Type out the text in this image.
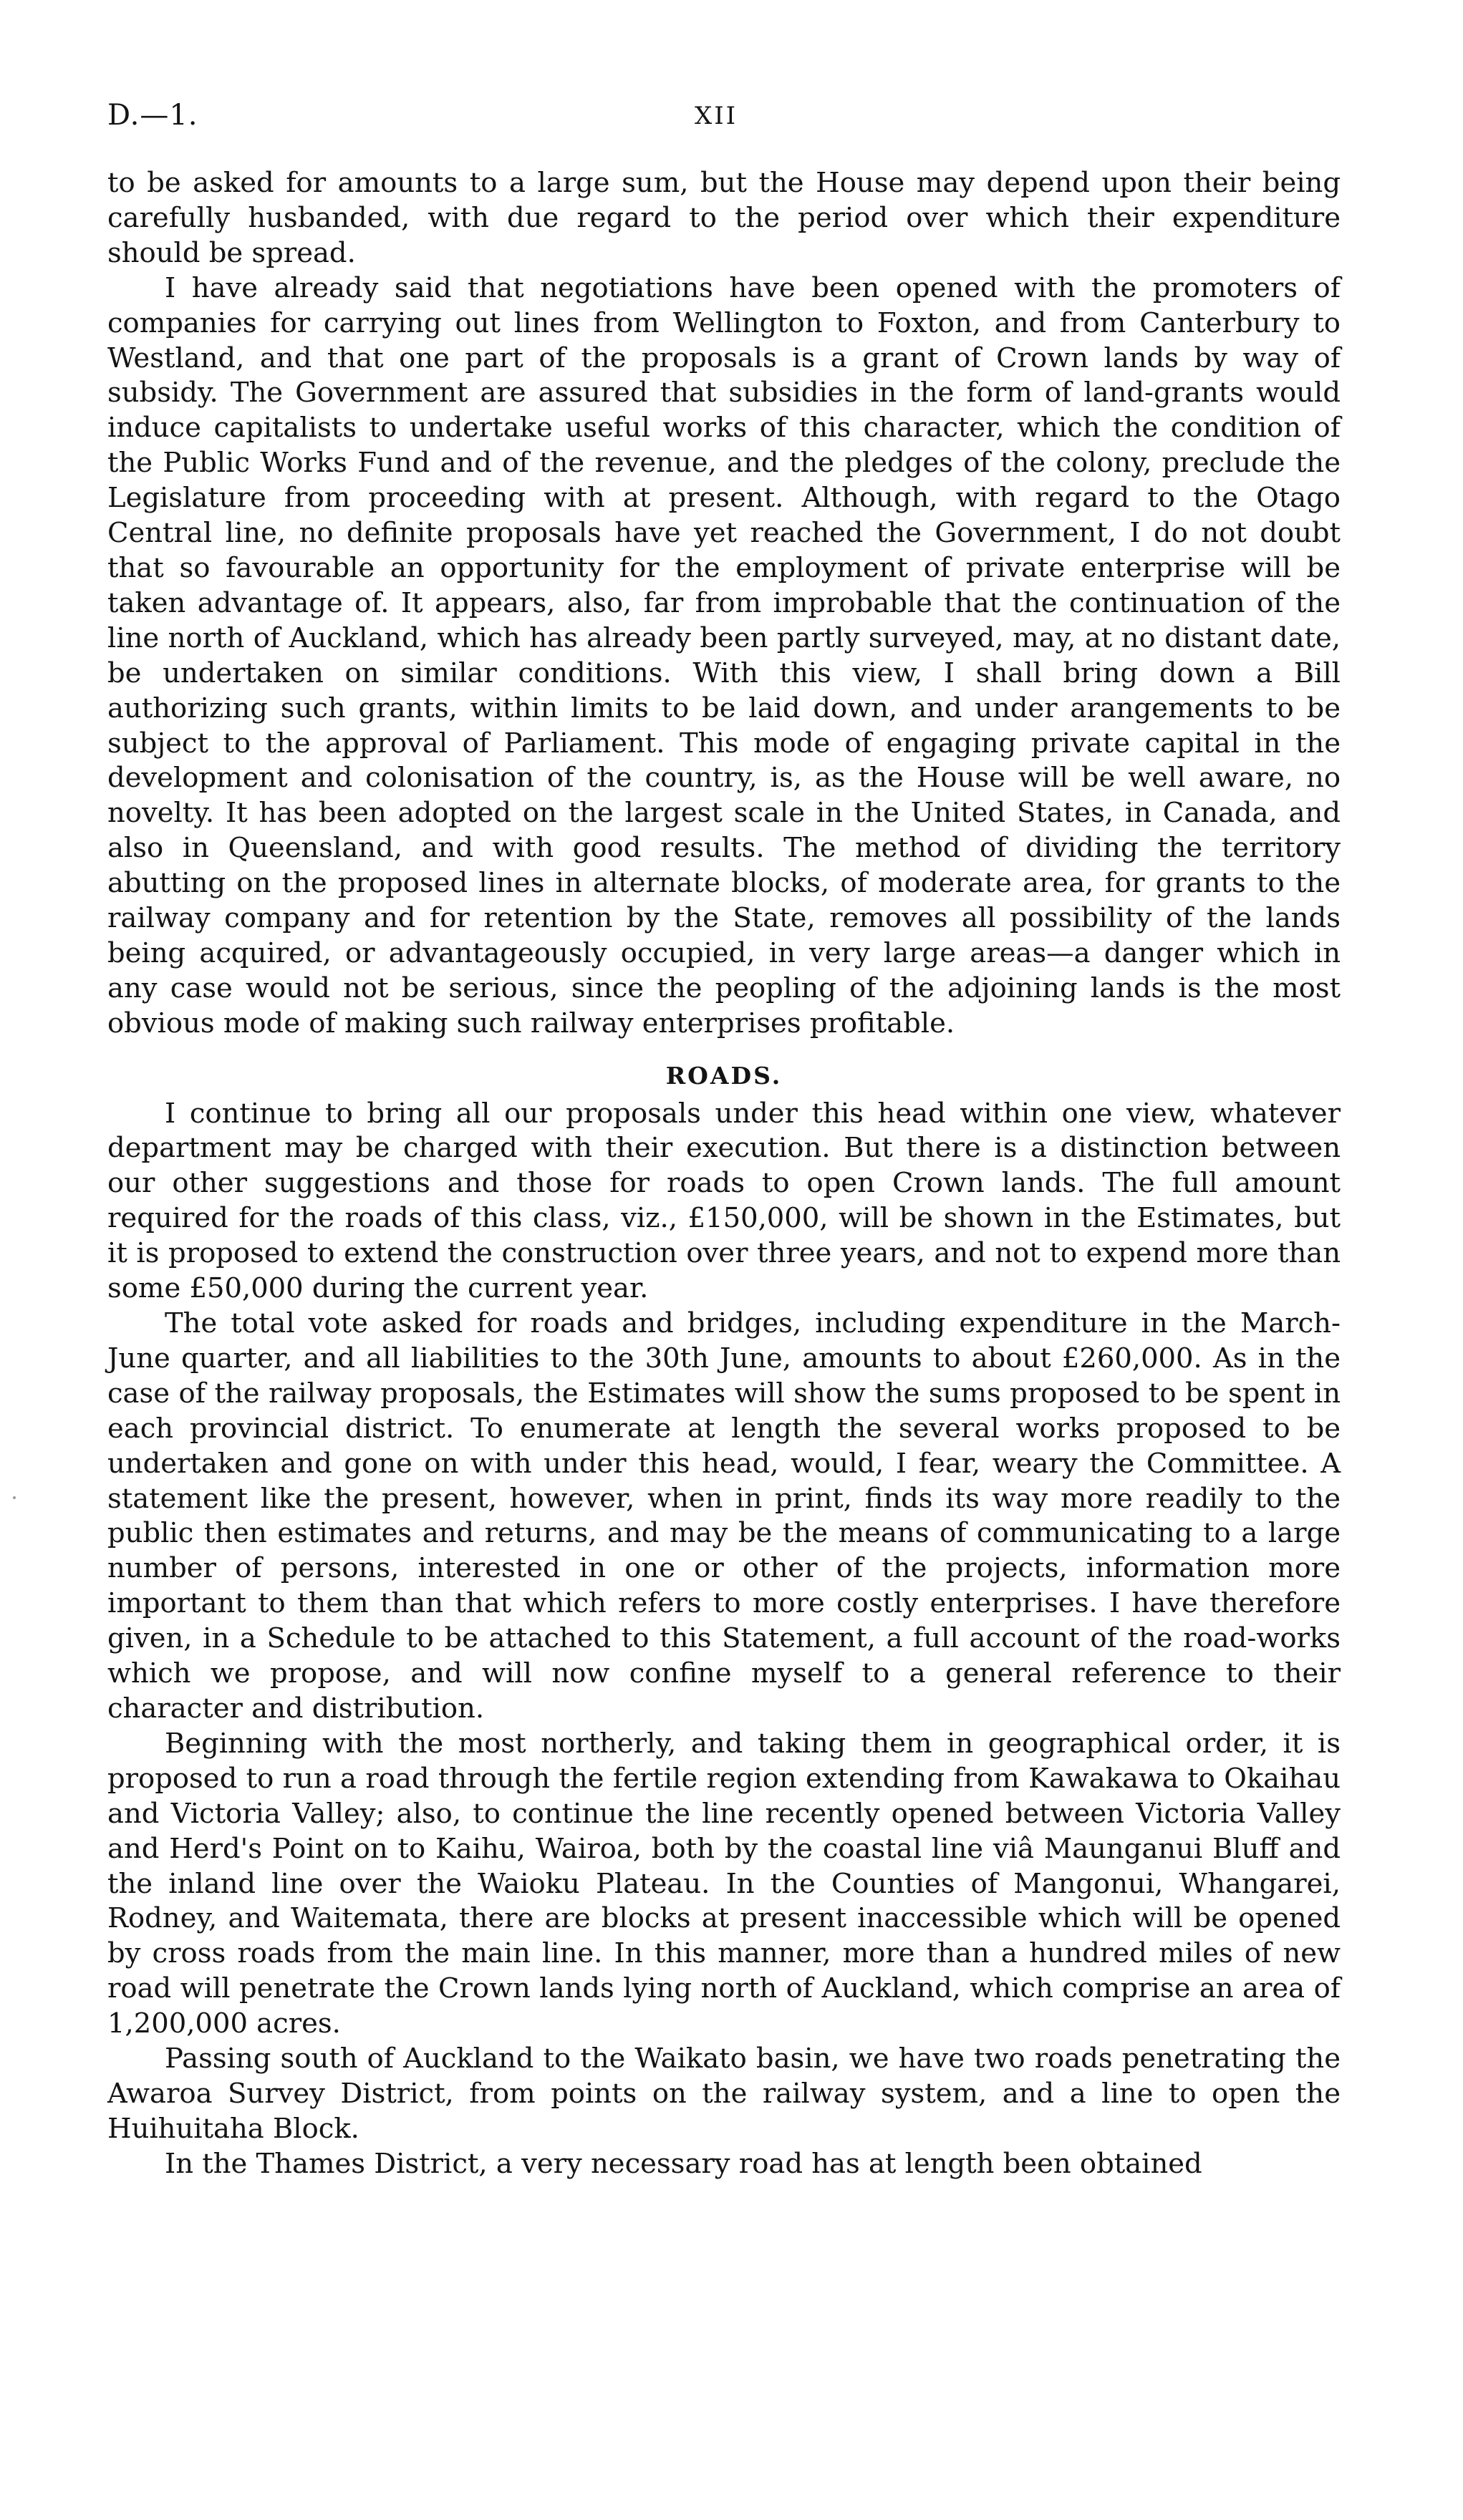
D.—1.	XII

to be asked for amounts to a large sum, but the House may depend upon their being carefully husbanded, with due regard to the period over which their expenditure should be spread.

I have already said that negotiations have been opened with the promoters of companies for carrying out lines from Wellington to Foxton, and from Canterbury to Westland, and that one part of the proposals is a grant of Crown lands by way of subsidy. The Government are assured that subsidies in the form of land-grants would induce capitalists to undertake useful works of this character, which the condition of the Public Works Fund and of the revenue, and the pledges of the colony, preclude the Legislature from proceeding with at present. Although, with regard to the Otago Central line, no definite proposals have yet reached the Government, I do not doubt that so favourable an opportunity for the employment of private enterprise will be taken advantage of. It appears, also, far from improbable that the continuation of the line north of Auckland, which has already been partly surveyed, may, at no distant date, be undertaken on similar conditions. With this view, I shall bring down a Bill authorizing such grants, within limits to be laid down, and under arangements to be subject to the approval of Parliament. This mode of engaging private capital in the development and colonisation of the country, is, as the House will be well aware, no novelty. It has been adopted on the largest scale in the United States, in Canada, and also in Queensland, and with good results. The method of dividing the territory abutting on the proposed lines in alternate blocks, of moderate area, for grants to the railway company and for retention by the State, removes all possibility of the lands being acquired, or advantageously occupied, in very large areas—a danger which in any case would not be serious, since the peopling of the adjoining lands is the most obvious mode of making such railway enterprises profitable.

ROADS.

I continue to bring all our proposals under this head within one view, whatever department may be charged with their execution. But there is a distinction between our other suggestions and those for roads to open Crown lands. The full amount required for the roads of this class, viz., £150,000, will be shown in the Estimates, but it is proposed to extend the construction over three years, and not to expend more than some £50,000 during the current year.

The total vote asked for roads and bridges, including expenditure in the March-June quarter, and all liabilities to the 30th June, amounts to about £260,000. As in the case of the railway proposals, the Estimates will show the sums proposed to be spent in each provincial district. To enumerate at length the several works proposed to be undertaken and gone on with under this head, would, I fear, weary the Committee. A statement like the present, however, when in print, finds its way more readily to the public then estimates and returns, and may be the means of communicating to a large number of persons, interested in one or other of the projects, information more important to them than that which refers to more costly enterprises. I have therefore given, in a Schedule to be attached to this Statement, a full account of the road-works which we propose, and will now confine myself to a general reference to their character and distribution.

Beginning with the most northerly, and taking them in geographical order, it is proposed to run a road through the fertile region extending from Kawakawa to Okaihau and Victoria Valley; also, to continue the line recently opened between Victoria Valley and Herd's Point on to Kaihu, Wairoa, both by the coastal line viâ Maunganui Bluff and the inland line over the Waioku Plateau. In the Counties of Mangonui, Whangarei, Rodney, and Waitemata, there are blocks at present inaccessible which will be opened by cross roads from the main line. In this manner, more than a hundred miles of new road will penetrate the Crown lands lying north of Auckland, which comprise an area of 1,200,000 acres.

Passing south of Auckland to the Waikato basin, we have two roads penetrating the Awaroa Survey District, from points on the railway system, and a line to open the Huihuitaha Block.

In the Thames District, a very necessary road has at length been obtained
